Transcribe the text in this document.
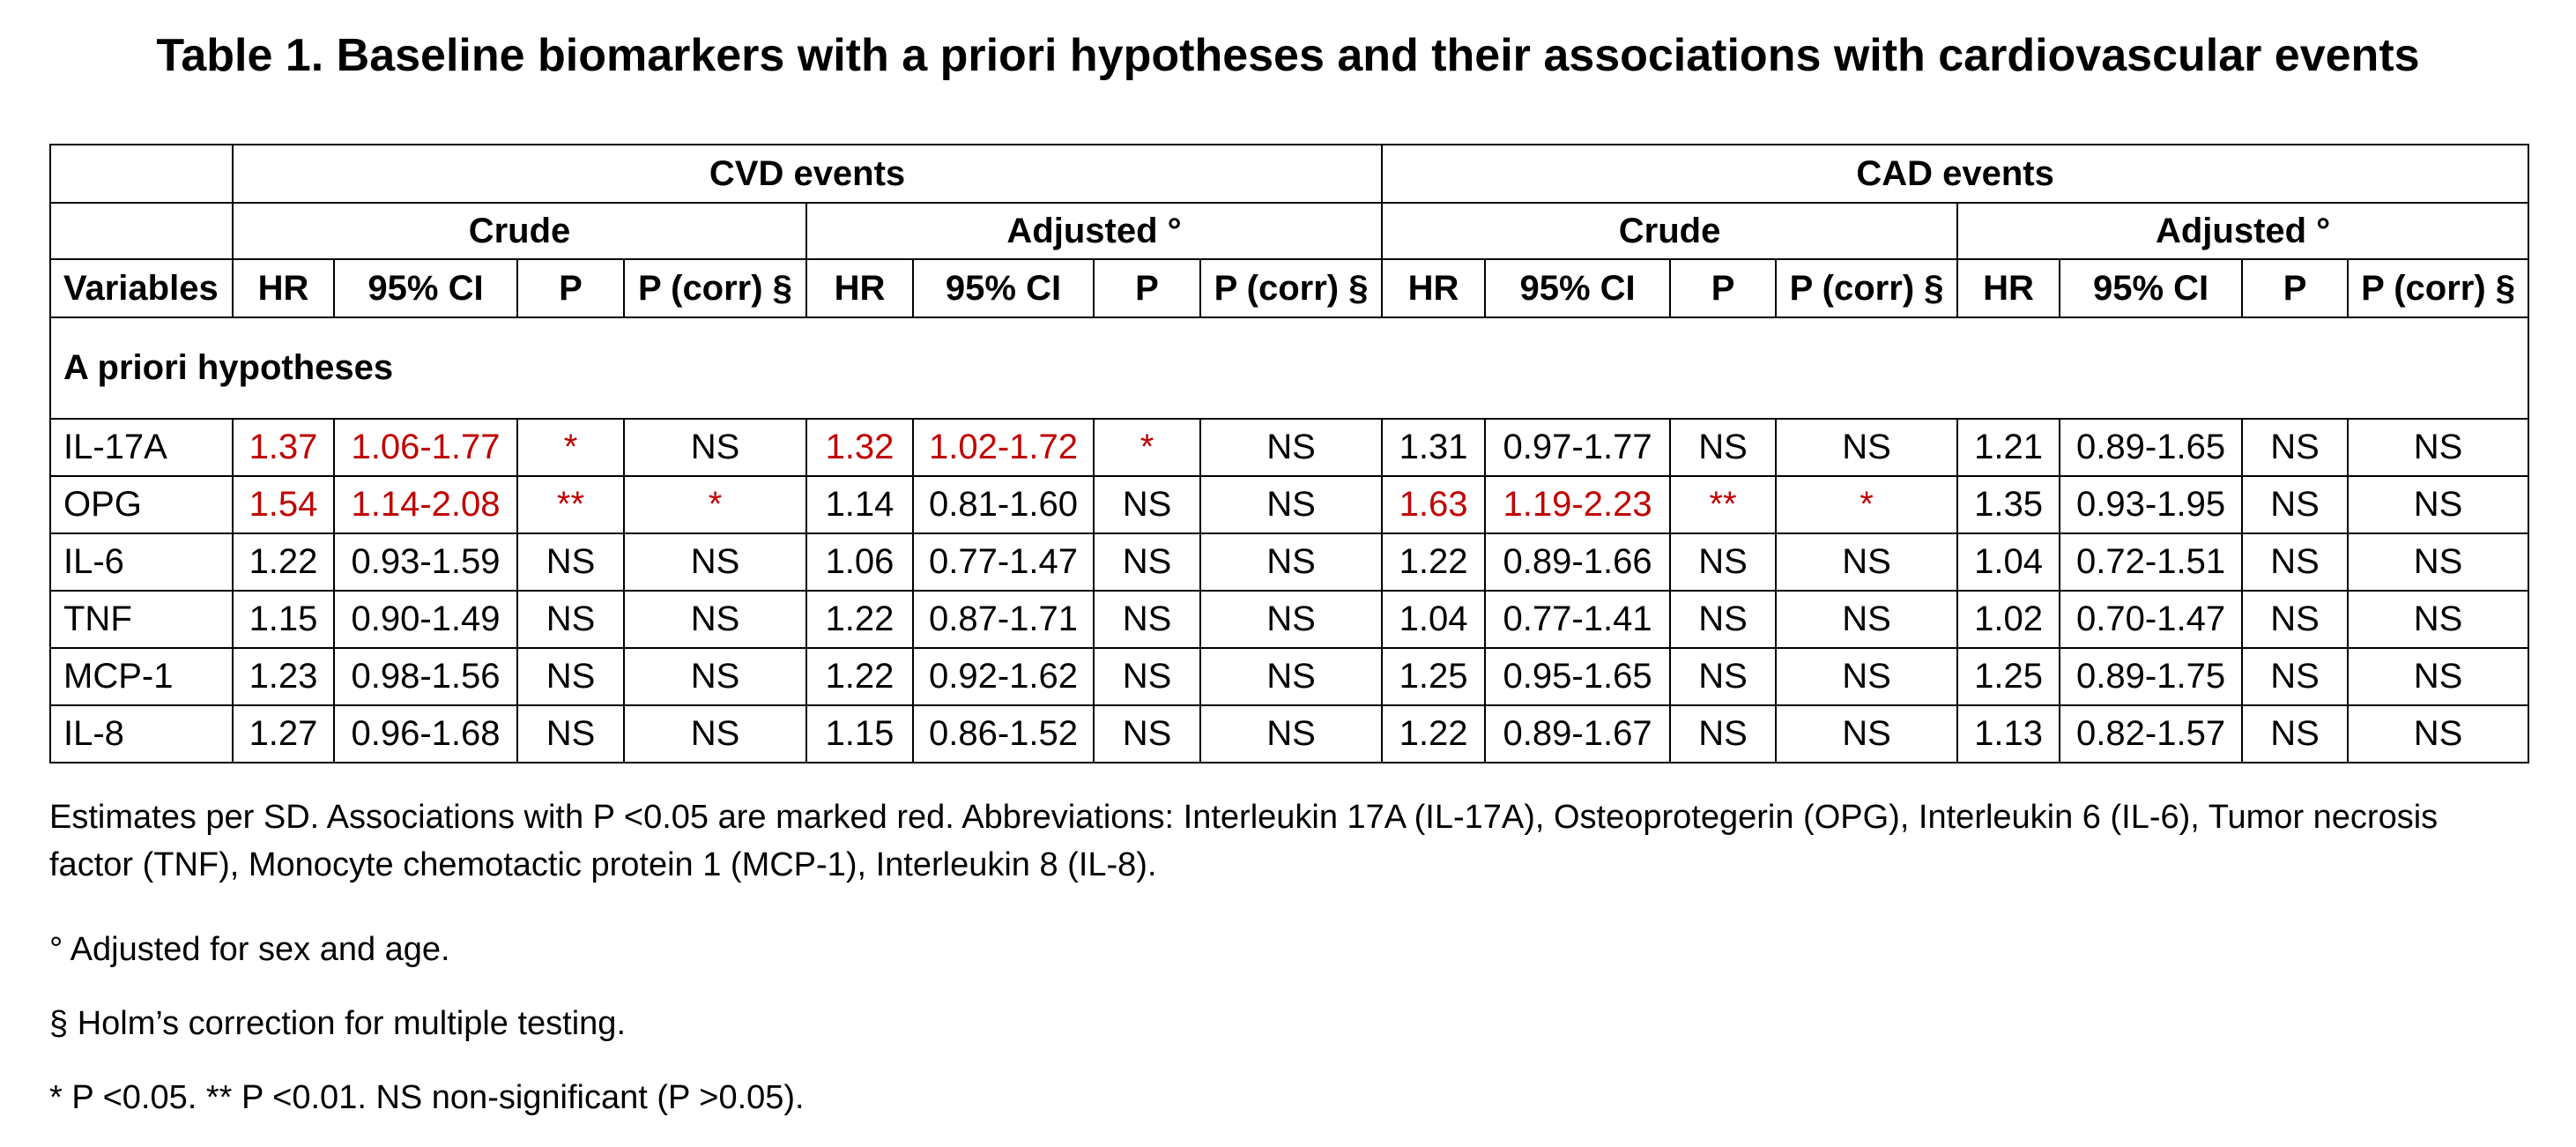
Table 1. Baseline biomarkers with a priori hypotheses and their associations with cardiovascular events
	CVD events								CAD events							
	Crude				Adjusted °				Crude				Adjusted °			
Variables	HR	95% CI	P	P (corr) §	HR	95% CI	P	P (corr) §	HR	95% CI	P	P (corr) §	HR	95% CI	P	P (corr) §
A priori hypotheses																
IL-17A	1.37	1.06-1.77	*	NS	1.32	1.02-1.72	*	NS	1.31	0.97-1.77	NS	NS	1.21	0.89-1.65	NS	NS
OPG	1.54	1.14-2.08	**	*	1.14	0.81-1.60	NS	NS	1.63	1.19-2.23	**	*	1.35	0.93-1.95	NS	NS
IL-6	1.22	0.93-1.59	NS	NS	1.06	0.77-1.47	NS	NS	1.22	0.89-1.66	NS	NS	1.04	0.72-1.51	NS	NS
TNF	1.15	0.90-1.49	NS	NS	1.22	0.87-1.71	NS	NS	1.04	0.77-1.41	NS	NS	1.02	0.70-1.47	NS	NS
MCP-1	1.23	0.98-1.56	NS	NS	1.22	0.92-1.62	NS	NS	1.25	0.95-1.65	NS	NS	1.25	0.89-1.75	NS	NS
IL-8	1.27	0.96-1.68	NS	NS	1.15	0.86-1.52	NS	NS	1.22	0.89-1.67	NS	NS	1.13	0.82-1.57	NS	NS

Estimates per SD. Associations with P <0.05 are marked red. Abbreviations: Interleukin 17A (IL-17A), Osteoprotegerin (OPG), Interleukin 6 (IL-6), Tumor necrosis factor (TNF), Monocyte chemotactic protein 1 (MCP-1), Interleukin 8 (IL-8).

° Adjusted for sex and age.

§ Holm’s correction for multiple testing.

* P <0.05. ** P <0.01. NS non-significant (P >0.05).
